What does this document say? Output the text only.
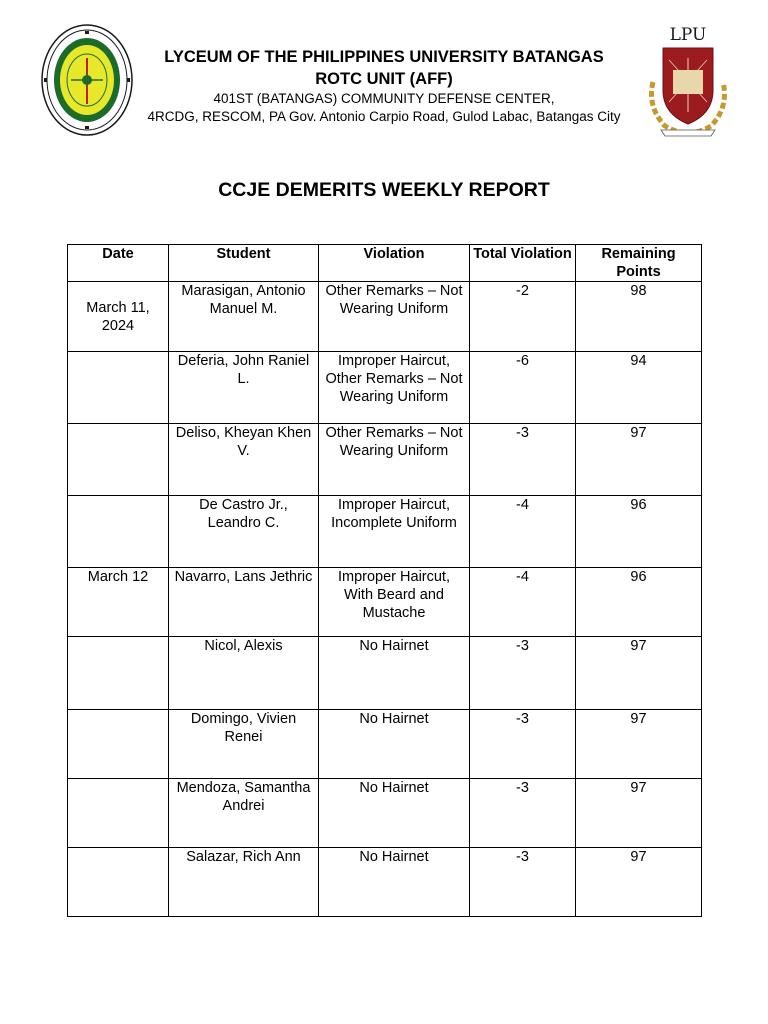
LYCEUM OF THE PHILIPPINES UNIVERSITY BATANGAS
ROTC UNIT (AFF)
401ST (BATANGAS) COMMUNITY DEFENSE CENTER,
4RCDG, RESCOM, PA Gov. Antonio Carpio Road, Gulod Labac, Batangas City
LPU
CCJE DEMERITS WEEKLY REPORT
Date	Student	Violation	Total Violation	Remaining Points
March 11, 2024	Marasigan, Antonio Manuel M.	Other Remarks – Not Wearing Uniform	-2	98
	Deferia, John Raniel L.	Improper Haircut, Other Remarks – Not Wearing Uniform	-6	94
	Deliso, Kheyan Khen V.	Other Remarks – Not Wearing Uniform	-3	97
	De Castro Jr., Leandro C.	Improper Haircut, Incomplete Uniform	-4	96
March 12	Navarro, Lans Jethric	Improper Haircut, With Beard and Mustache	-4	96
	Nicol, Alexis	No Hairnet	-3	97
	Domingo, Vivien Renei	No Hairnet	-3	97
	Mendoza, Samantha Andrei	No Hairnet	-3	97
	Salazar, Rich Ann	No Hairnet	-3	97
